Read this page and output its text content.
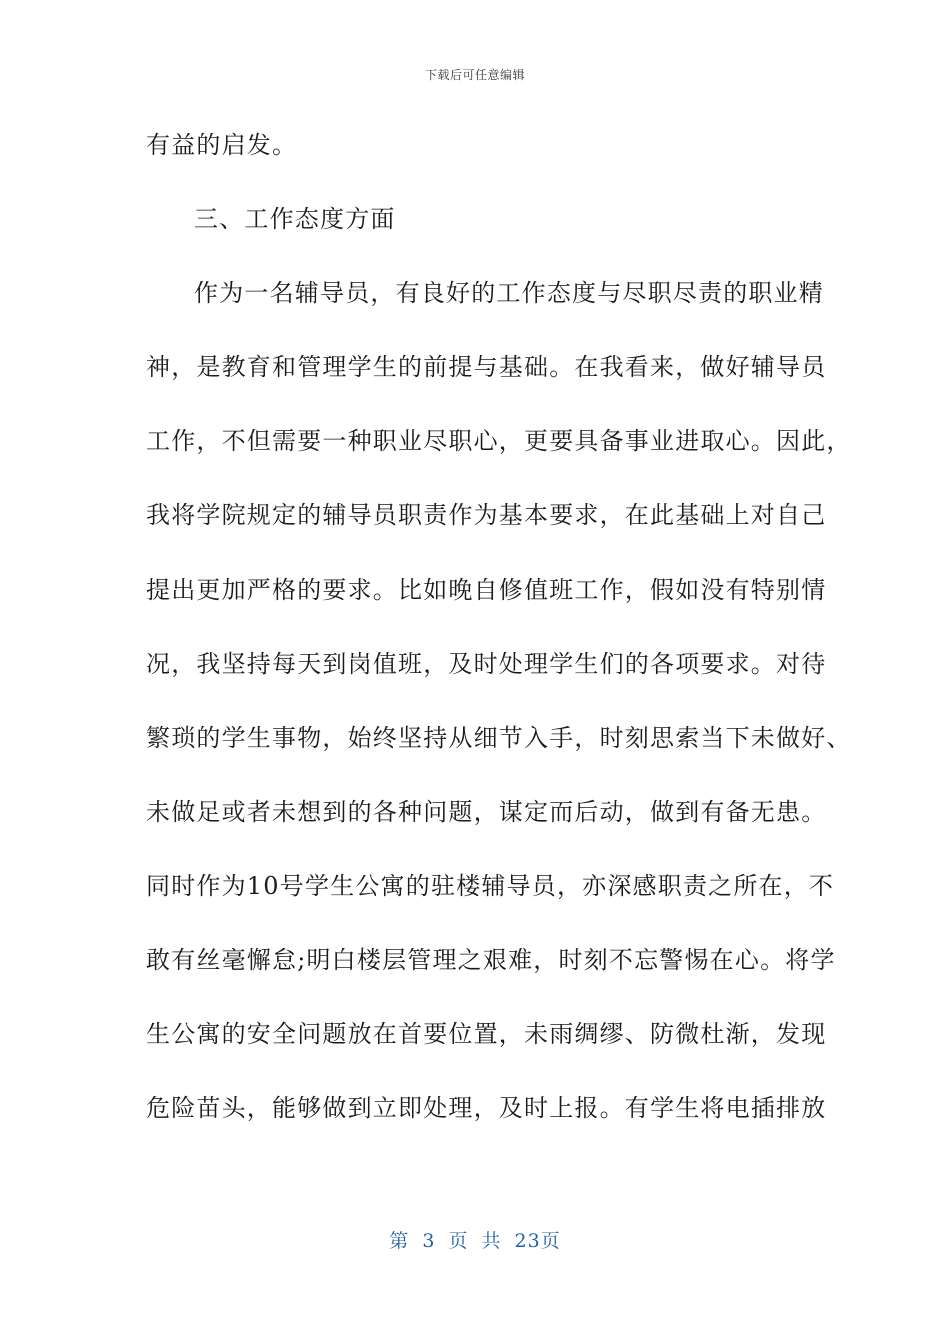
下载后可任意编辑
有益的启发。
三、工作态度方面
作为一名辅导员，有良好的工作态度与尽职尽责的职业精
神，是教育和管理学生的前提与基础。在我看来，做好辅导员
工作，不但需要一种职业尽职心，更要具备事业进取心。因此，
我将学院规定的辅导员职责作为基本要求，在此基础上对自己
提出更加严格的要求。比如晚自修值班工作，假如没有特别情
况，我坚持每天到岗值班，及时处理学生们的各项要求。对待
繁琐的学生事物，始终坚持从细节入手，时刻思索当下未做好、
未做足或者未想到的各种问题，谋定而后动，做到有备无患。
同时作为10号学生公寓的驻楼辅导员，亦深感职责之所在，不
敢有丝毫懈怠;明白楼层管理之艰难，时刻不忘警惕在心。将学
生公寓的安全问题放在首要位置，未雨绸缪、防微杜渐，发现
危险苗头，能够做到立即处理，及时上报。有学生将电插排放
第 3 页 共 23页
